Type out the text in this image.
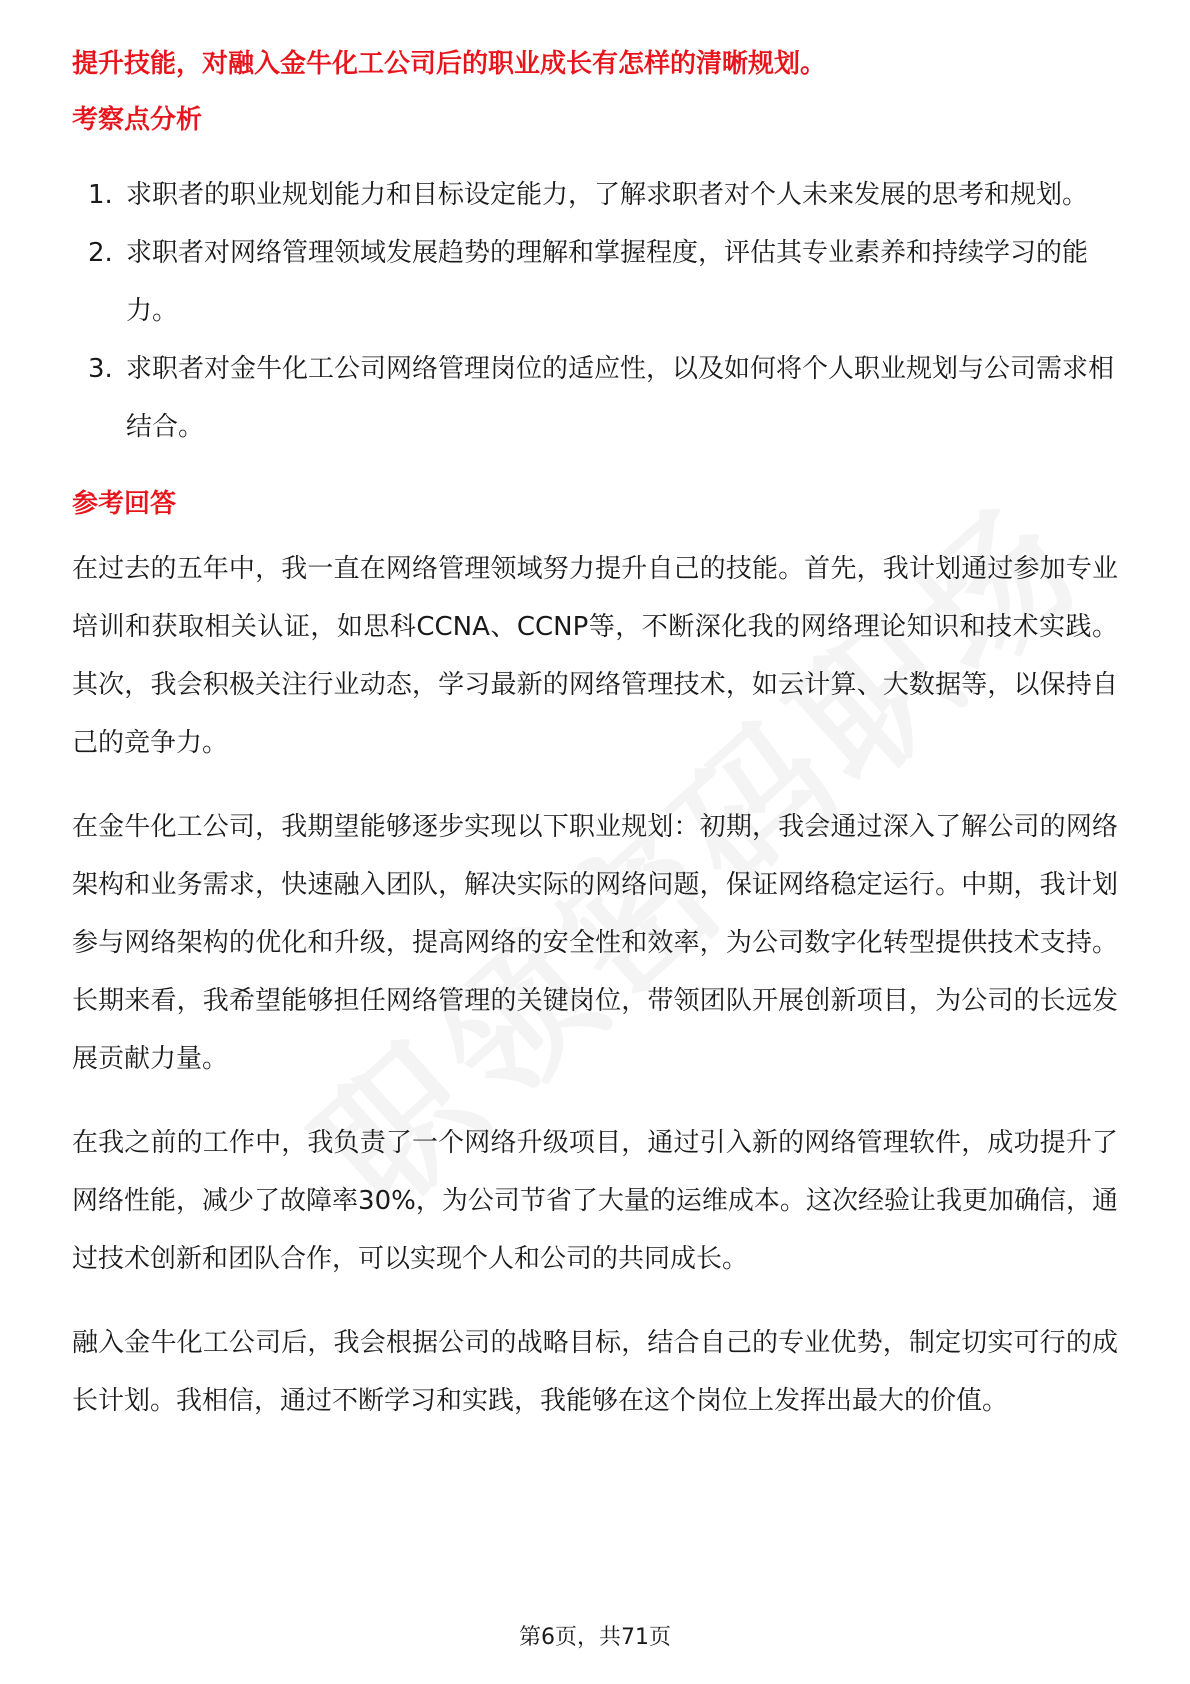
提升技能，对融入金牛化工公司后的职业成长有怎样的清晰规划。
考察点分析
1. 求职者的职业规划能力和目标设定能力，了解求职者对个人未来发展的思考和规划。
2. 求职者对网络管理领域发展趋势的理解和掌握程度，评估其专业素养和持续学习的能力。
3. 求职者对金牛化工公司网络管理岗位的适应性，以及如何将个人职业规划与公司需求相结合。
参考回答

在过去的五年中，我一直在网络管理领域努力提升自己的技能。首先，我计划通过参加专业培训和获取相关认证，如思科CCNA、CCNP等，不断深化我的网络理论知识和技术实践。其次，我会积极关注行业动态，学习最新的网络管理技术，如云计算、大数据等，以保持自己的竞争力。

在金牛化工公司，我期望能够逐步实现以下职业规划：初期，我会通过深入了解公司的网络架构和业务需求，快速融入团队，解决实际的网络问题，保证网络稳定运行。中期，我计划参与网络架构的优化和升级，提高网络的安全性和效率，为公司数字化转型提供技术支持。长期来看，我希望能够担任网络管理的关键岗位，带领团队开展创新项目，为公司的长远发展贡献力量。

在我之前的工作中，我负责了一个网络升级项目，通过引入新的网络管理软件，成功提升了网络性能，减少了故障率30%，为公司节省了大量的运维成本。这次经验让我更加确信，通过技术创新和团队合作，可以实现个人和公司的共同成长。

融入金牛化工公司后，我会根据公司的战略目标，结合自己的专业优势，制定切实可行的成长计划。我相信，通过不断学习和实践，我能够在这个岗位上发挥出最大的价值。

第6页，共71页
